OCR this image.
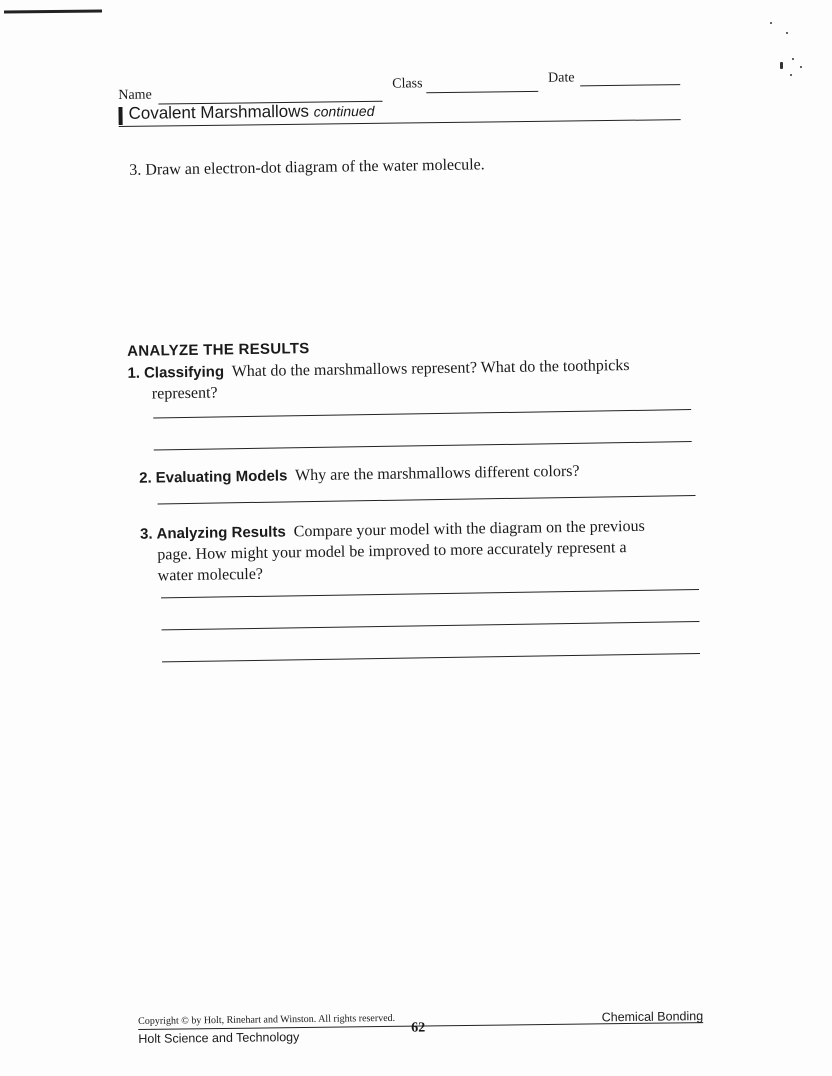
Name
Class	Date
Covalent Marshmallows continued
3. Draw an electron-dot diagram of the water molecule.
ANALYZE THE RESULTS
1. Classifying What do the marshmallows represent? What do the toothpicks
represent?
2. Evaluating Models Why are the marshmallows different colors?
3. Analyzing Results Compare your model with the diagram on the previous
page. How might your model be improved to more accurately represent a
water molecule?
Copyright © by Holt, Rinehart and Winston. All rights reserved.
Holt Science and Technology
62
Chemical Bonding
